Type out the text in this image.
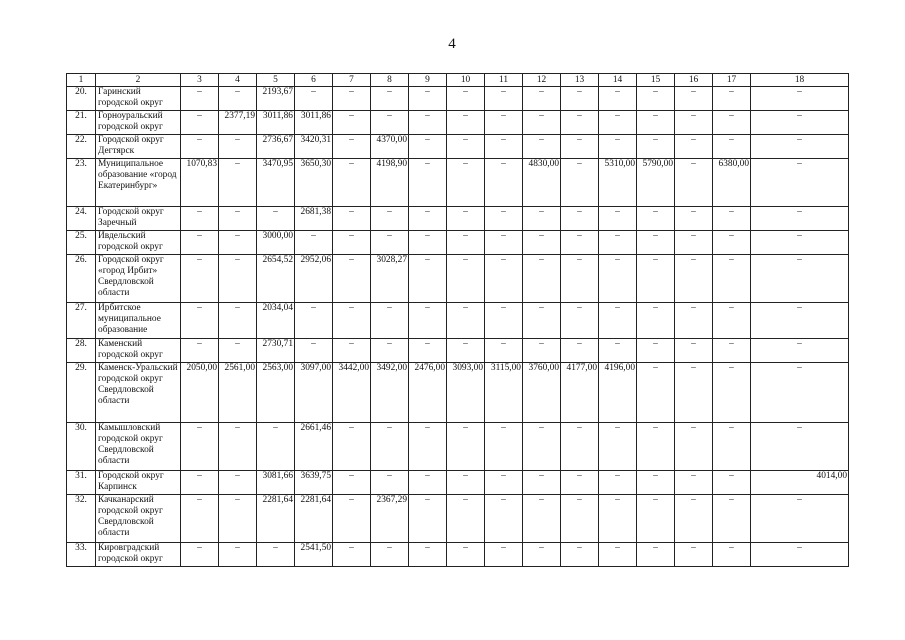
4
1	2	3	4	5	6	7	8	9	10	11	12	13	14	15	16	17	18
20.	Гаринский городской округ	–	–	2193,67	–	–	–	–	–	–	–	–	–	–	–	–	–
21.	Горноуральский городской округ	–	2377,19	3011,86	3011,86	–	–	–	–	–	–	–	–	–	–	–	–
22.	Городской округ Дегтярск	–	–	2736,67	3420,31	–	4370,00	–	–	–	–	–	–	–	–	–	–
23.	Муниципальное образование «город Екатеринбург»	1070,83	–	3470,95	3650,30	–	4198,90	–	–	–	4830,00	–	5310,00	5790,00	–	6380,00	–
24.	Городской округ Заречный	–	–	–	2681,38	–	–	–	–	–	–	–	–	–	–	–	–
25.	Ивдельский городской округ	–	–	3000,00	–	–	–	–	–	–	–	–	–	–	–	–	–
26.	Городской округ «город Ирбит» Свердловской области	–	–	2654,52	2952,06	–	3028,27	–	–	–	–	–	–	–	–	–	–
27.	Ирбитское муниципальное образование	–	–	2034,04	–	–	–	–	–	–	–	–	–	–	–	–	–
28.	Каменский городской округ	–	–	2730,71	–	–	–	–	–	–	–	–	–	–	–	–	–
29.	Каменск-Уральский городской округ Свердловской области	2050,00	2561,00	2563,00	3097,00	3442,00	3492,00	2476,00	3093,00	3115,00	3760,00	4177,00	4196,00	–	–	–	–
30.	Камышловский городской округ Свердловской области	–	–	–	2661,46	–	–	–	–	–	–	–	–	–	–	–	–
31.	Городской округ Карпинск	–	–	3081,66	3639,75	–	–	–	–	–	–	–	–	–	–	–	4014,00
32.	Качканарский городской округ Свердловской области	–	–	2281,64	2281,64	–	2367,29	–	–	–	–	–	–	–	–	–	–
33.	Кировградский городской округ	–	–	–	2541,50	–	–	–	–	–	–	–	–	–	–	–	–
